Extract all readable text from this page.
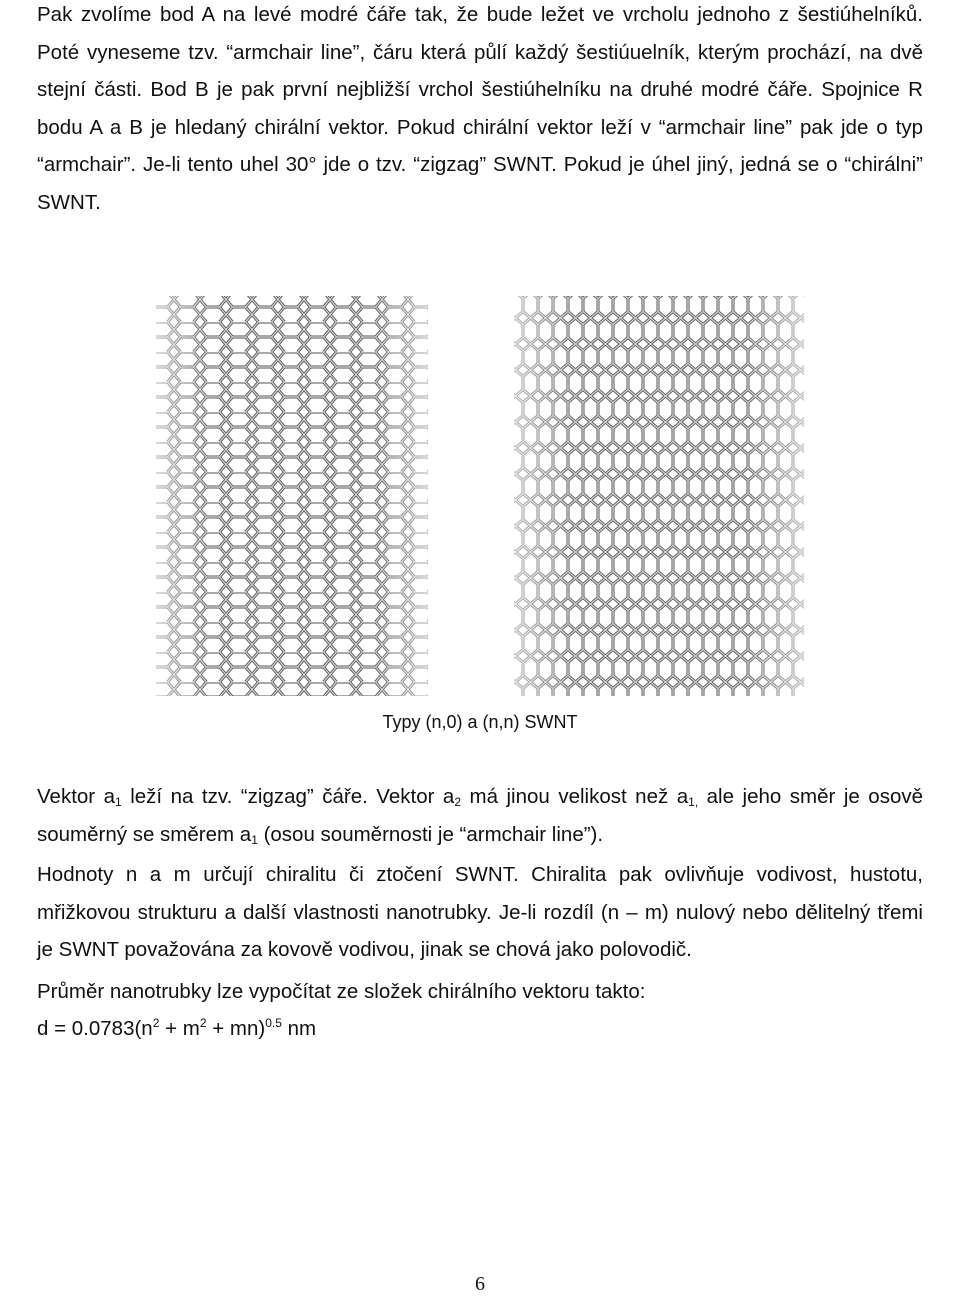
Pak zvolíme bod A na levé modré čáře tak, že bude ležet ve vrcholu jednoho z šestiúhelníků. Poté vyneseme tzv. “armchair line”, čáru která půlí každý šestiúuelník, kterým prochází, na dvě stejní části. Bod B je pak první nejbližší vrchol šestiúhelníku na druhé modré čáře. Spojnice R bodu A a B je hledaný chirální vektor. Pokud chirální vektor leží v “armchair line” pak jde o typ “armchair”. Je-li tento uhel 30° jde o tzv. “zigzag” SWNT. Pokud je úhel jiný, jedná se o “chirálni” SWNT.

Typy (n,0) a (n,n) SWNT

Vektor $a_1$ leží na tzv. “zigzag” čáře. Vektor $a_2$ má jinou velikost než $a_{1,}$ ale jeho směr je osově souměrný se směrem $a_1$ (osou souměrnosti je “armchair line”).

Hodnoty n a m určují chiralitu či ztočení SWNT. Chiralita pak ovlivňuje vodivost, hustotu, mřižkovou strukturu a další vlastnosti nanotrubky. Je-li rozdíl (n – m) nulový nebo dělitelný třemi je SWNT považována za kovově vodivou, jinak se chová jako polovodič.

Průměr nanotrubky lze vypočítat ze složek chirálního vektoru takto:

$d = 0.0783(n^2 + m^2 + mn)^{0.5}$ nm

6
